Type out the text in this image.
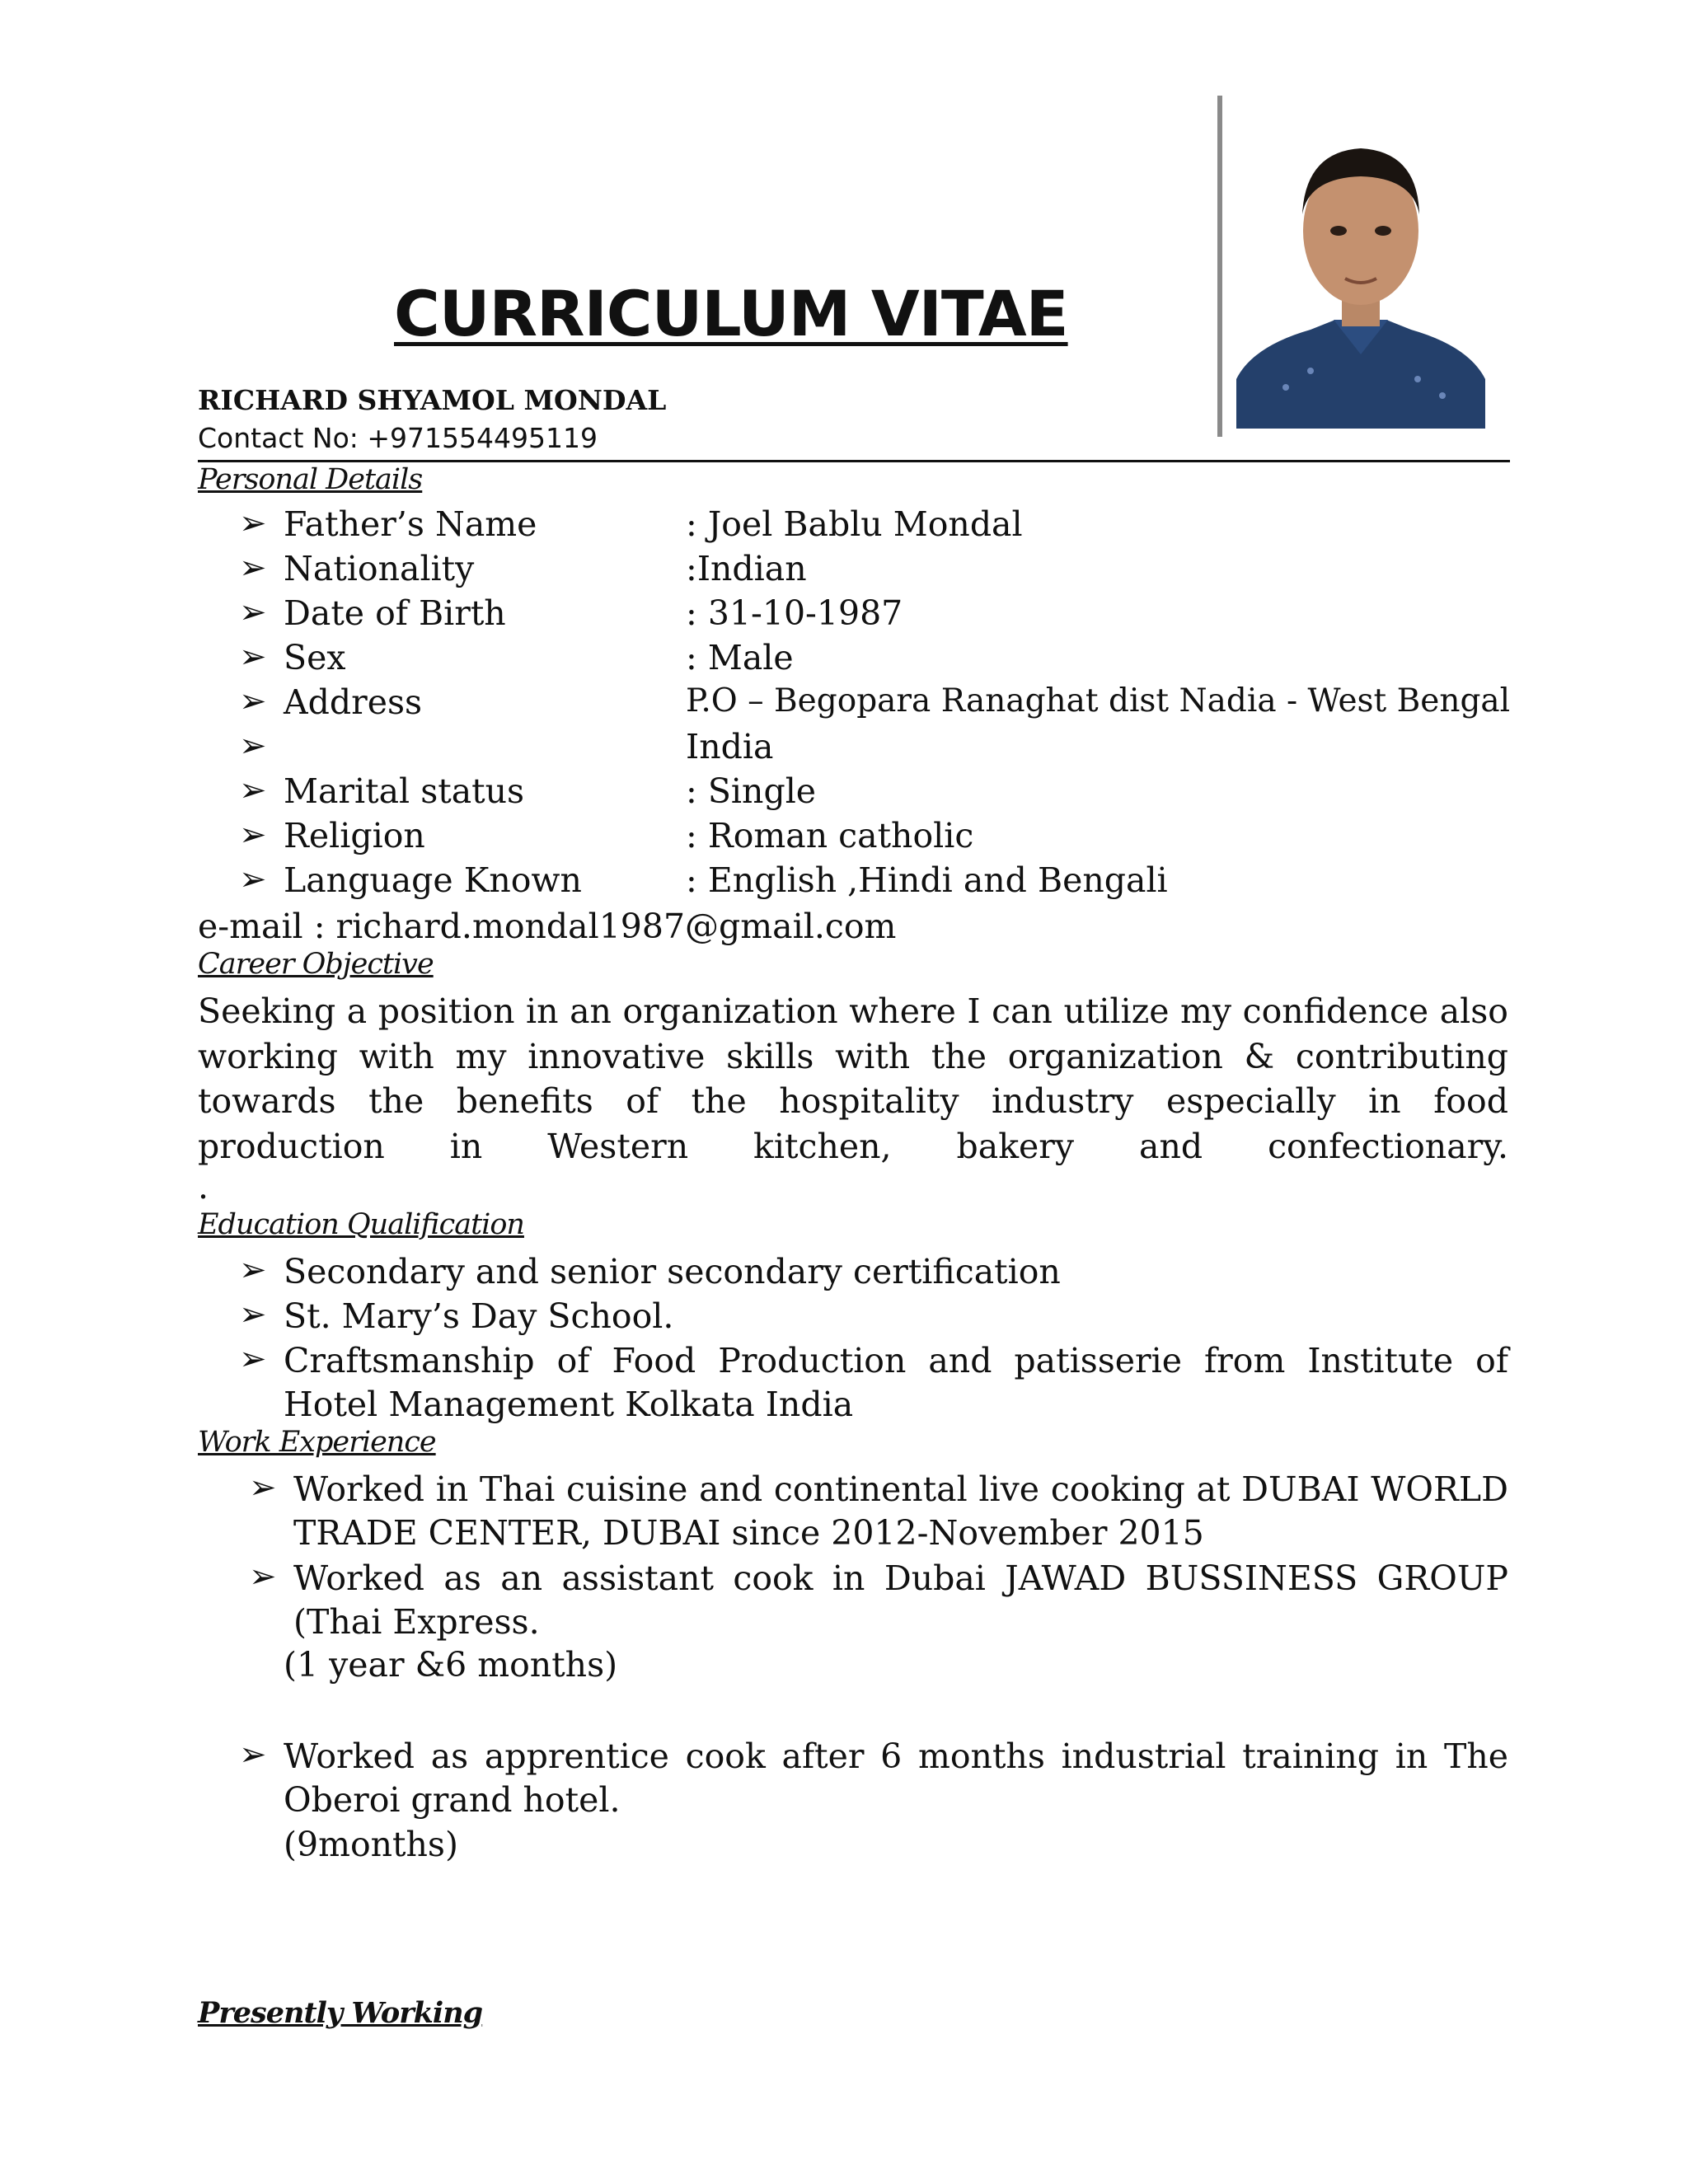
CURRICULUM VITAE
RICHARD SHYAMOL MONDAL
Contact No: +971554495119
Personal Details
➢ Father’s Name	: Joel Bablu Mondal
➢ Nationality	:Indian
➢ Date of Birth	: 31-10-1987
➢ Sex	: Male
➢ Address	P.O – Begopara Ranaghat dist Nadia - West Bengal
➢	India
➢ Marital status	: Single
➢ Religion	: Roman catholic
➢ Language Known	: English ,Hindi and Bengali
e-mail : richard.mondal1987@gmail.com
Career Objective
Seeking a position in an organization where I can utilize my confidence also working with my innovative skills with the organization & contributing towards the benefits of the hospitality industry especially in food production in Western kitchen, bakery and confectionary.
.
Education Qualification
➢ Secondary and senior secondary certification
➢ St. Mary’s Day School.
➢ Craftsmanship of Food Production and patisserie from Institute of Hotel Management Kolkata India
Work Experience
➢ Worked in Thai cuisine and continental live cooking at DUBAI WORLD TRADE CENTER, DUBAI since 2012-November 2015
➢ Worked as an assistant cook in Dubai JAWAD BUSSINESS GROUP (Thai Express.
(1 year &6 months)
➢ Worked as apprentice cook after 6 months industrial training in The Oberoi grand hotel.
(9months)
Presently Working
